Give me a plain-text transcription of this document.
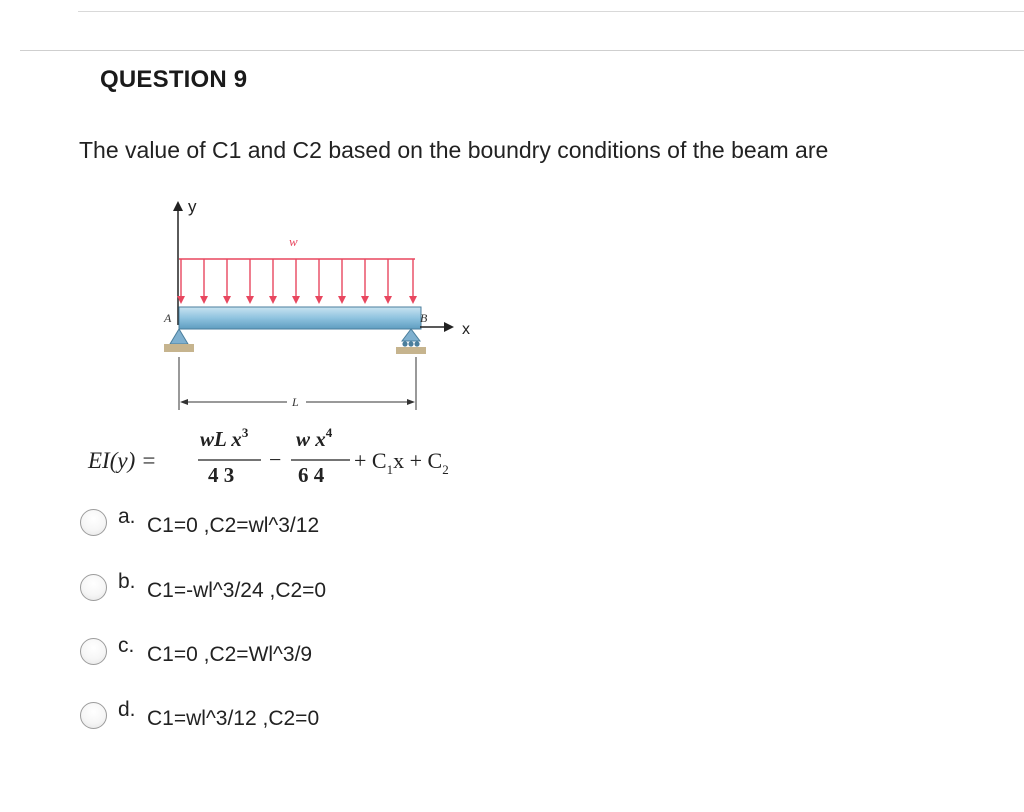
QUESTION 9
The value of C1 and C2 based on the boundry conditions of the beam are
y
w
A	B
x
L
EI(y) =
wL $x^3$
4 3
−
w $x^4$
6 4
+ $C_1x + C_2$
a. C1=0 ,C2=wl^3/12
b. C1=-wl^3/24 ,C2=0
c. C1=0 ,C2=Wl^3/9
d. C1=wl^3/12 ,C2=0
